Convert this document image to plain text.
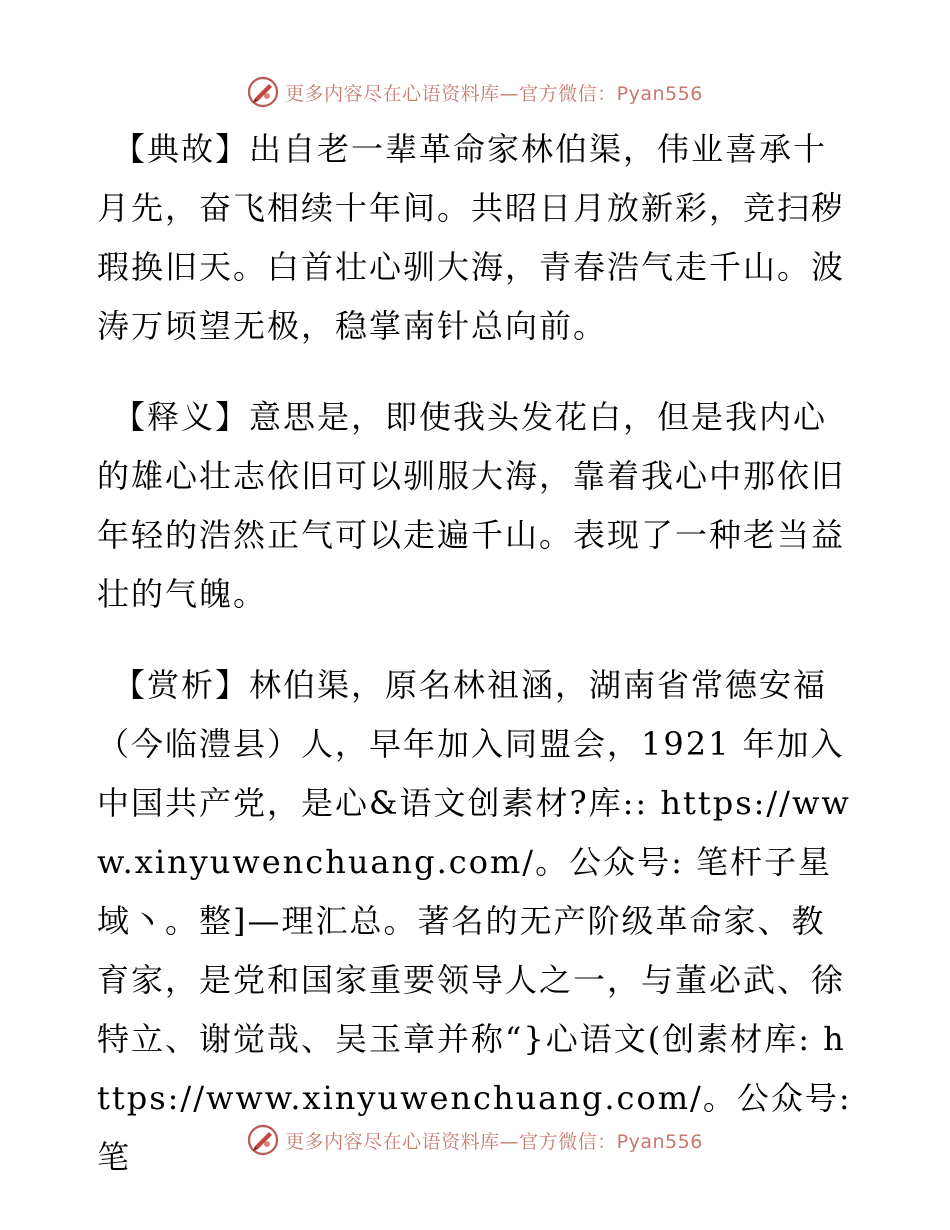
更多内容尽在心语资料库—官方微信：Pyan556

【典故】出自老一辈革命家林伯渠，伟业喜承十月先，奋飞相续十年间。共昭日月放新彩，竞扫秽瑕换旧天。白首壮心驯大海，青春浩气走千山。波涛万顷望无极，稳掌南针总向前。

【释义】意思是，即使我头发花白，但是我内心的雄心壮志依旧可以驯服大海，靠着我心中那依旧年轻的浩然正气可以走遍千山。表现了一种老当益壮的气魄。

【赏析】林伯渠，原名林祖涵，湖南省常德安福（今临澧县）人，早年加入同盟会，1921 年加入中国共产党，是心&语文创素材?库:: https://www.xinyuwenchuang.com/。公众号: 笔杆子星域丶。整]—理汇总。著名的无产阶级革命家、教育家，是党和国家重要领导人之一，与董必武、徐特立、谢觉哉、吴玉章并称“}心语文(创素材库: https://www.xinyuwenchuang.com/。公众号: 笔	更多内容尽在心语资料库—官方微信：Pyan556
